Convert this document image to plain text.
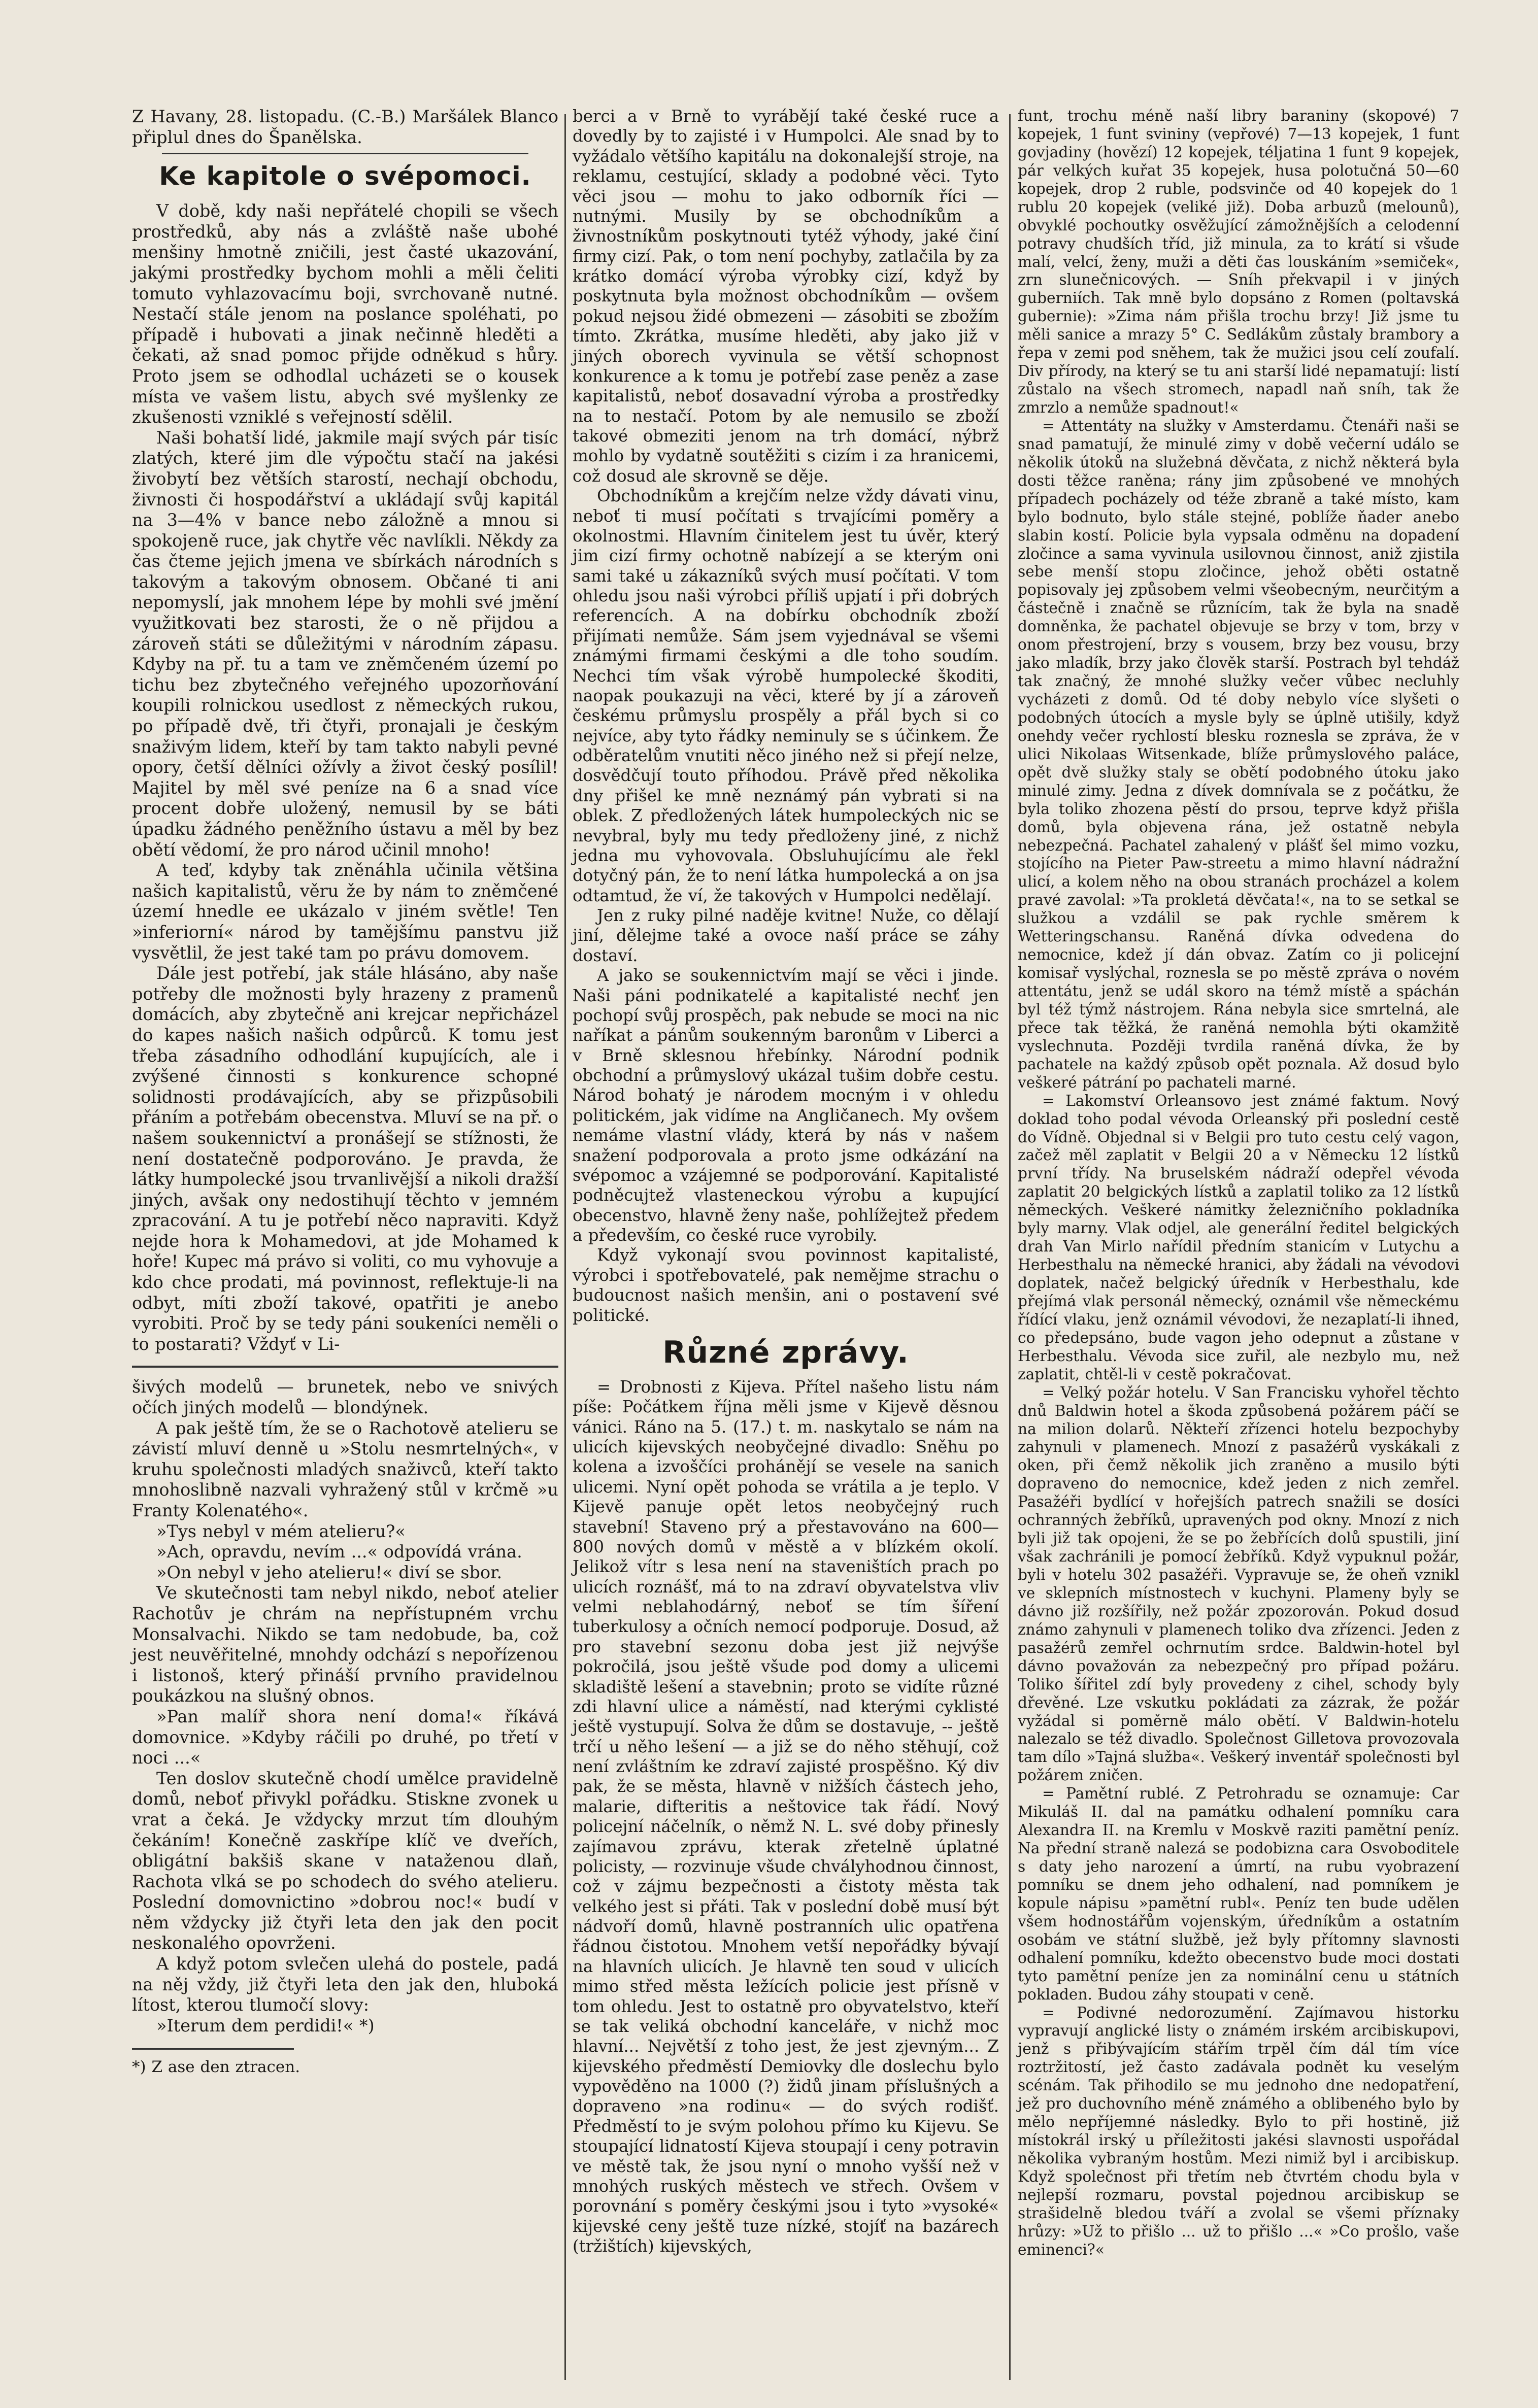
Z Havany, 28. listopadu. (C.-B.) Maršálek Blanco připlul dnes do Španělska.

Ke kapitole o svépomoci.

V době, kdy naši nepřátelé chopili se všech prostředků, aby nás a zvláště naše ubohé menšiny hmotně zničili, jest časté ukazování, jakými prostředky bychom mohli a měli čeliti tomuto vyhlazovacímu boji, svrchovaně nutné. Nestačí stále jenom na poslance spoléhati, po případě i hubovati a jinak nečinně hleděti a čekati, až snad pomoc přijde odněkud s hůry. Proto jsem se odhodlal ucházeti se o kousek místa ve vašem listu, abych své myšlenky ze zkušenosti vzniklé s veřejností sdělil.

Naši bohatší lidé, jakmile mají svých pár tisíc zlatých, které jim dle výpočtu stačí na jakési živobytí bez větších starostí, nechají obchodu, živnosti či hospodářství a ukládají svůj kapitál na 3—4% v bance nebo záložně a mnou si spokojeně ruce, jak chytře věc navlíkli. Někdy za čas čteme jejich jmena ve sbírkách národních s takovým a takovým obnosem. Občané ti ani nepomyslí, jak mnohem lépe by mohli své jmění využitkovati bez starosti, že o ně přijdou a zároveň státi se důležitými v národním zápasu. Kdyby na př. tu a tam ve zněmčeném území po tichu bez zbytečného veřejného upozorňování koupili rolnickou usedlost z německých rukou, po případě dvě, tři čtyři, pronajali je českým snaživým lidem, kteří by tam takto nabyli pevné opory, četší dělníci ožívly a život český posílil! Majitel by měl své peníze na 6 a snad více procent dobře uložený, nemusil by se báti úpadku žádného peněžního ústavu a měl by bez obětí vědomí, že pro národ učinil mnoho!

A teď, kdyby tak zněnáhla učinila většina našich kapitalistů, věru že by nám to zněmčené území hnedle ee ukázalo v jiném světle! Ten »inferiorní« národ by tamějšímu panstvu již vysvětlil, že jest také tam po právu domovem.

Dále jest potřebí, jak stále hlásáno, aby naše potřeby dle možnosti byly hrazeny z pramenů domácích, aby zbytečně ani krejcar nepřicházel do kapes našich našich odpůrců. K tomu jest třeba zásadního odhodlání kupujících, ale i zvýšené činnosti s konkurence schopné solidnosti prodávajících, aby se přizpůsobili přáním a potřebám obecenstva. Mluví se na př. o našem soukennictví a pronášejí se stížnosti, že není dostatečně podporováno. Je pravda, že látky humpolecké jsou trvanlivější a nikoli dražší jiných, avšak ony nedostihují těchto v jemném zpracování. A tu je potřebí něco napraviti. Když nejde hora k Mohamedovi, at jde Mohamed k hoře! Kupec má právo si voliti, co mu vyhovuje a kdo chce prodati, má povinnost, reflektuje-li na odbyt, míti zboží takové, opatřiti je anebo vyrobiti. Proč by se tedy páni soukeníci neměli o to postarati? Vždyť v Li-

šivých modelů — brunetek, nebo ve snivých očích jiných modelů — blondýnek.

A pak ještě tím, že se o Rachotově atelieru se závistí mluví denně u »Stolu nesmrtelných«, v kruhu společnosti mladých snaživců, kteří takto mnohoslibně nazvali vyhražený stůl v krčmě »u Franty Kolenatého«.

»Tys nebyl v mém atelieru?«

»Ach, opravdu, nevím ...« odpovídá vrána.

»On nebyl v jeho atelieru!« diví se sbor.

Ve skutečnosti tam nebyl nikdo, neboť atelier Rachotův je chrám na nepřístupném vrchu Monsalvachi. Nikdo se tam nedobude, ba, což jest neuvěřitelné, mnohdy odchází s nepořízenou i listonoš, který přináší prvního pravidelnou poukázkou na slušný obnos.

»Pan malíř shora není doma!« říkává domovnice. »Kdyby ráčili po druhé, po třetí v noci ...«

Ten doslov skutečně chodí umělce pravidelně domů, neboť přivykl pořádku. Stiskne zvonek u vrat a čeká. Je vždycky mrzut tím dlouhým čekáním! Konečně zaskřípe klíč ve dveřích, obligátní bakšiš skane v nataženou dlaň, Rachota vlká se po schodech do svého atelieru. Poslední domovnictino »dobrou noc!« budí v něm vždycky již čtyři leta den jak den pocit neskonalého opovrženi.

A když potom svlečen ulehá do postele, padá na něj vždy, již čtyři leta den jak den, hluboká lítost, kterou tlumočí slovy:

»Iterum dem perdidi!« *)

*) Z ase den ztracen.

berci a v Brně to vyrábějí také české ruce a dovedly by to zajisté i v Humpolci. Ale snad by to vyžádalo většího kapitálu na dokonalejší stroje, na reklamu, cestující, sklady a podobné věci. Tyto věci jsou — mohu to jako odborník říci — nutnými. Musily by se obchodníkům a živnostníkům poskytnouti tytéž výhody, jaké činí firmy cizí. Pak, o tom není pochyby, zatlačila by za krátko domácí výroba výrobky cizí, když by poskytnuta byla možnost obchodníkům — ovšem pokud nejsou židé obmezeni — zásobiti se zbožím tímto. Zkrátka, musíme hleděti, aby jako již v jiných oborech vyvinula se větší schopnost konkurence a k tomu je potřebí zase peněz a zase kapitalistů, neboť dosavadní výroba a prostředky na to nestačí. Potom by ale nemusilo se zboží takové obmeziti jenom na trh domácí, nýbrž mohlo by vydatně soutěžiti s cizím i za hranicemi, což dosud ale skrovně se děje.

Obchodníkům a krejčím nelze vždy dávati vinu, neboť ti musí počítati s trvajícími poměry a okolnostmi. Hlavním činitelem jest tu úvěr, který jim cizí firmy ochotně nabízejí a se kterým oni sami také u zákazníků svých musí počítati. V tom ohledu jsou naši výrobci příliš upjatí i při dobrých referencích. A na dobírku obchodník zboží přijímati nemůže. Sám jsem vyjednával se všemi známými firmami českými a dle toho soudím. Nechci tím však výrobě humpolecké škoditi, naopak poukazuji na věci, které by jí a zároveň českému průmyslu prospěly a přál bych si co nejvíce, aby tyto řádky neminuly se s účinkem. Že odběratelům vnutiti něco jiného než si přejí nelze, dosvědčují touto příhodou. Právě před několika dny přišel ke mně neznámý pán vybrati si na oblek. Z předložených látek humpoleckých nic se nevybral, byly mu tedy předloženy jiné, z nichž jedna mu vyhovovala. Obsluhujícímu ale řekl dotyčný pán, že to není látka humpolecká a on jsa odtamtud, že ví, že takových v Humpolci nedělají.

Jen z ruky pilné naděje kvitne! Nuže, co dělají jiní, dělejme také a ovoce naší práce se záhy dostaví.

A jako se soukennictvím mají se věci i jinde. Naši páni podnikatelé a kapitalisté nechť jen pochopí svůj prospěch, pak nebude se moci na nic naříkat a pánům soukenným baronům v Liberci a v Brně sklesnou hřebínky. Národní podnik obchodní a průmyslový ukázal tušim dobře cestu. Národ bohatý je národem mocným i v ohledu politickém, jak vidíme na Angličanech. My ovšem nemáme vlastní vlády, která by nás v našem snažení podporovala a proto jsme odkázání na svépomoc a vzájemné se podporování. Kapitalisté podněcujtež vlasteneckou výrobu a kupující obecenstvo, hlavně ženy naše, pohlížejtež předem a především, co české ruce vyrobily.

Když vykonají svou povinnost kapitalisté, výrobci i spotřebovatelé, pak nemějme strachu o budoucnost našich menšin, ani o postavení své politické.

Různé zprávy.

= Drobnosti z Kijeva. Přítel našeho listu nám píše: Počátkem října měli jsme v Kijevě děsnou vánici. Ráno na 5. (17.) t. m. naskytalo se nám na ulicích kijevských neobyčejné divadlo: Sněhu po kolena a izvoščíci prohánějí se vesele na sanich ulicemi. Nyní opět pohoda se vrátila a je teplo. V Kijevě panuje opět letos neobyčejný ruch stavební! Staveno prý a přestavováno na 600—800 nových domů v městě a v blízkém okolí. Jelikož vítr s lesa není na staveništích prach po ulicích roznášť, má to na zdraví obyvatelstva vliv velmi neblahodárný, neboť se tím šíření tuberkulosy a očních nemocí podporuje. Dosud, až pro stavební sezonu doba jest již nejvýše pokročilá, jsou ještě všude pod domy a ulicemi skladiště lešení a stavebnin; proto se vidíte různé zdi hlavní ulice a náměstí, nad kterými cyklisté ještě vystupují. Solva že dům se dostavuje, -- ještě trčí u něho lešení — a již se do něho stěhují, což není zvláštním ke zdraví zajisté prospěšno. Ký div pak, že se města, hlavně v nižších částech jeho, malarie, difteritis a neštovice tak řádí. Nový policejní náčelník, o němž N. L. své doby přinesly zajímavou zprávu, kterak zřetelně úplatné policisty, — rozvinuje všude chvályhodnou činnost, což v zájmu bezpečnosti a čistoty města tak velkého jest si přáti. Tak v poslední době musí být nádvoří domů, hlavně postranních ulic opatřena řádnou čistotou. Mnohem vetší nepořádky bývají na hlavních ulicích. Je hlavně ten soud v ulicích mimo střed města ležících policie jest přísně v tom ohledu. Jest to ostatně pro obyvatelstvo, kteří se tak veliká obchodní kanceláře, v nichž moc hlavní... Největší z toho jest, že jest zjevným... Z kijevského předměstí Demiovky dle doslechu bylo vypověděno na 1000 (?) židů jinam příslušných a dopraveno »na rodinu« — do svých rodišť. Předměstí to je svým polohou přímo ku Kijevu. Se stoupající lidnatostí Kijeva stoupají i ceny potravin ve městě tak, že jsou nyní o mnoho vyšší než v mnohých ruských městech ve střech. Ovšem v porovnání s poměry českými jsou i tyto »vysoké« kijevské ceny ještě tuze nízké, stojíť na bazárech (tržištích) kijevských,

funt, trochu méně naší libry baraniny (skopové) 7 kopejek, 1 funt svininy (vepřové) 7—13 kopejek, 1 funt govjadiny (hovězí) 12 kopejek, téljatina 1 funt 9 kopejek, pár velkých kuřat 35 kopejek, husa polotučná 50—60 kopejek, drop 2 ruble, podsvinče od 40 kopejek do 1 rublu 20 kopejek (veliké již). Doba arbuzů (melounů), obvyklé pochoutky osvěžující zámožnějších a celodenní potravy chudších tříd, již minula, za to krátí si všude malí, velcí, ženy, muži a děti čas louskáním »semiček«, zrn slunečnicových. — Sníh překvapil i v jiných guberniích. Tak mně bylo dopsáno z Romen (poltavská gubernie): »Zima nám přišla trochu brzy! Již jsme tu měli sanice a mrazy 5° C. Sedlákům zůstaly brambory a řepa v zemi pod sněhem, tak že mužici jsou celí zoufalí. Div přírody, na který se tu ani starší lidé nepamatují: listí zůstalo na všech stromech, napadl naň sníh, tak že zmrzlo a nemůže spadnout!«

= Attentáty na služky v Amsterdamu. Čtenáři naši se snad pamatují, že minulé zimy v době večerní událo se několik útoků na služebná děvčata, z nichž některá byla dosti těžce raněna; rány jim způsobené ve mnohých případech pocházely od téže zbraně a také místo, kam bylo bodnuto, bylo stále stejné, poblíže ňader anebo slabin kostí. Policie byla vypsala odměnu na dopadení zločince a sama vyvinula usilovnou činnost, aniž zjistila sebe menší stopu zločince, jehož oběti ostatně popisovaly jej způsobem velmi všeobecným, neurčitým a částečně i značně se různícím, tak že byla na snadě domněnka, že pachatel objevuje se brzy v tom, brzy v onom přestrojení, brzy s vousem, brzy bez vousu, brzy jako mladík, brzy jako člověk starší. Postrach byl tehdáž tak značný, že mnohé služky večer vůbec necluhly vycházeti z domů. Od té doby nebylo více slyšeti o podobných útocích a mysle byly se úplně utišily, když onehdy večer rychlostí blesku roznesla se zpráva, že v ulici Nikolaas Witsenkade, blíže průmyslového paláce, opět dvě služky staly se obětí podobného útoku jako minulé zimy. Jedna z dívek domnívala se z počátku, že byla toliko zhozena pěstí do prsou, teprve když přišla domů, byla objevena rána, jež ostatně nebyla nebezpečná. Pachatel zahalený v plášť šel mimo vozku, stojícího na Pieter Paw-streetu a mimo hlavní nádražní ulicí, a kolem něho na obou stranách procházel a kolem pravé zavolal: »Ta prokletá děvčata!«, na to se setkal se služkou a vzdálil se pak rychle směrem k Wetteringschansu. Raněná dívka odvedena do nemocnice, kdež jí dán obvaz. Zatím co ji policejní komisař vyslýchal, roznesla se po městě zpráva o novém attentátu, jenž se udál skoro na témž místě a spáchán byl též týmž nástrojem. Rána nebyla sice smrtelná, ale přece tak těžká, že raněná nemohla býti okamžitě vyslechnuta. Později tvrdila raněná dívka, že by pachatele na každý způsob opět poznala. Až dosud bylo veškeré pátrání po pachateli marné.

= Lakomství Orleansovo jest známé faktum. Nový doklad toho podal vévoda Orleanský při poslední cestě do Vídně. Objednal si v Belgii pro tuto cestu celý vagon, začež měl zaplatit v Belgii 20 a v Německu 12 lístků první třídy. Na bruselském nádraží odepřel vévoda zaplatit 20 belgických lístků a zaplatil toliko za 12 lístků německých. Veškeré námitky železničního pokladníka byly marny. Vlak odjel, ale generální ředitel belgických drah Van Mirlo nařídil předním stanicím v Lutychu a Herbesthalu na německé hranici, aby žádali na vévodovi doplatek, načež belgický úředník v Herbesthalu, kde přejímá vlak personál německý, oznámil vše německému řídící vlaku, jenž oznámil vévodovi, že nezaplatí-li ihned, co předepsáno, bude vagon jeho odepnut a zůstane v Herbesthalu. Vévoda sice zuřil, ale nezbylo mu, než zaplatit, chtěl-li v cestě pokračovat.

= Velký požár hotelu. V San Francisku vyhořel těchto dnů Baldwin hotel a škoda způsobená požárem páčí se na milion dolarů. Někteří zřízenci hotelu bezpochyby zahynuli v plamenech. Mnozí z pasažérů vyskákali z oken, při čemž několik jich zraněno a musilo býti dopraveno do nemocnice, kdež jeden z nich zemřel. Pasažéři bydlící v hořejších patrech snažili se dosíci ochranných žebříků, upravených pod okny. Mnozí z nich byli již tak opojeni, že se po žebřících dolů spustili, jiní však zachránili je pomocí žebříků. Když vypuknul požár, byli v hotelu 302 pasažéři. Vypravuje se, že oheň vznikl ve sklepních místnostech v kuchyni. Plameny byly se dávno již rozšířily, než požár zpozorován. Pokud dosud známo zahynuli v plamenech toliko dva zřízenci. Jeden z pasažérů zemřel ochrnutím srdce. Baldwin-hotel byl dávno považován za nebezpečný pro případ požáru. Toliko šířitel zdí byly provedeny z cihel, schody byly dřevěné. Lze vskutku pokládati za zázrak, že požár vyžádal si poměrně málo obětí. V Baldwin-hotelu nalezalo se též divadlo. Společnost Gilletova provozovala tam dílo »Tajná služba«. Veškerý inventář společnosti byl požárem zničen.

= Pamětní rublé. Z Petrohradu se oznamuje: Car Mikuláš II. dal na památku odhalení pomníku cara Alexandra II. na Kremlu v Moskvě raziti pamětní peníz. Na přední straně nalezá se podobizna cara Osvoboditele s daty jeho narození a úmrtí, na rubu vyobrazení pomníku se dnem jeho odhalení, nad pomníkem je kopule nápisu »pamětní rubl«. Peníz ten bude udělen všem hodnostářům vojenským, úředníkům a ostatním osobám ve státní službě, jež byly přítomny slavnosti odhalení pomníku, kdežto obecenstvo bude moci dostati tyto pamětní peníze jen za nominální cenu u státních pokladen. Budou záhy stoupati v ceně.

= Podivné nedorozumění. Zajímavou historku vypravují anglické listy o známém irském arcibiskupovi, jenž s přibývajícím stářím trpěl čím dál tím více roztržitostí, jež často zadávala podnět ku veselým scénám. Tak přihodilo se mu jednoho dne nedopatření, jež pro duchovního méně známého a oblibeného bylo by mělo nepříjemné následky. Bylo to při hostině, již místokrál irský u příležitosti jakési slavnosti uspořádal několika vybraným hostům. Mezi nimiž byl i arcibiskup. Když společnost při třetím neb čtvrtém chodu byla v nejlepší rozmaru, povstal pojednou arcibiskup se strašidelně bledou tváří a zvolal se všemi příznaky hrůzy: »Už to přišlo ... už to přišlo ...« »Co prošlo, vaše eminenci?«
